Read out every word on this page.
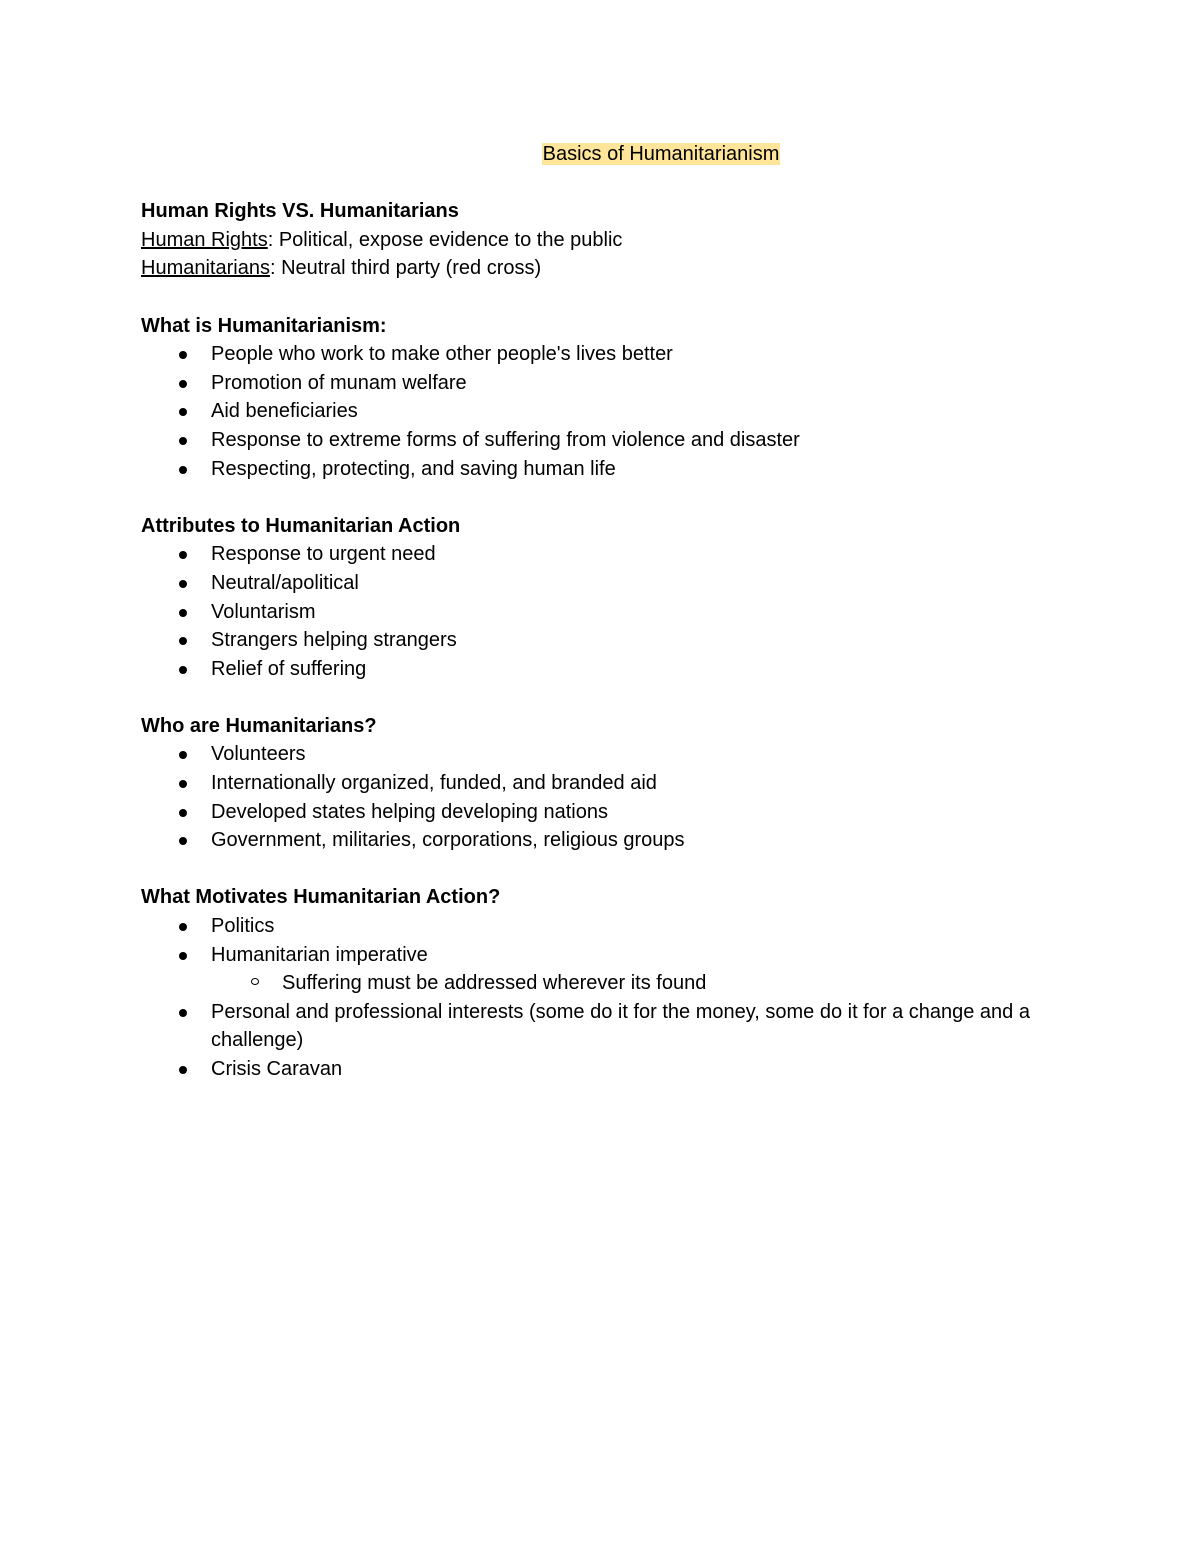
Basics of Humanitarianism

Human Rights VS. Humanitarians

Human Rights: Political, expose evidence to the public

Humanitarians: Neutral third party (red cross)

What is Humanitarianism:

People who work to make other people's lives better
Promotion of munam welfare
Aid beneficiaries
Response to extreme forms of suffering from violence and disaster
Respecting, protecting, and saving human life

Attributes to Humanitarian Action

Response to urgent need
Neutral/apolitical
Voluntarism
Strangers helping strangers
Relief of suffering

Who are Humanitarians?

Volunteers
Internationally organized, funded, and branded aid
Developed states helping developing nations
Government, militaries, corporations, religious groups

What Motivates Humanitarian Action?

Politics
Humanitarian imperative
Suffering must be addressed wherever its found
Personal and professional interests (some do it for the money, some do it for a change and a challenge)
Crisis Caravan
